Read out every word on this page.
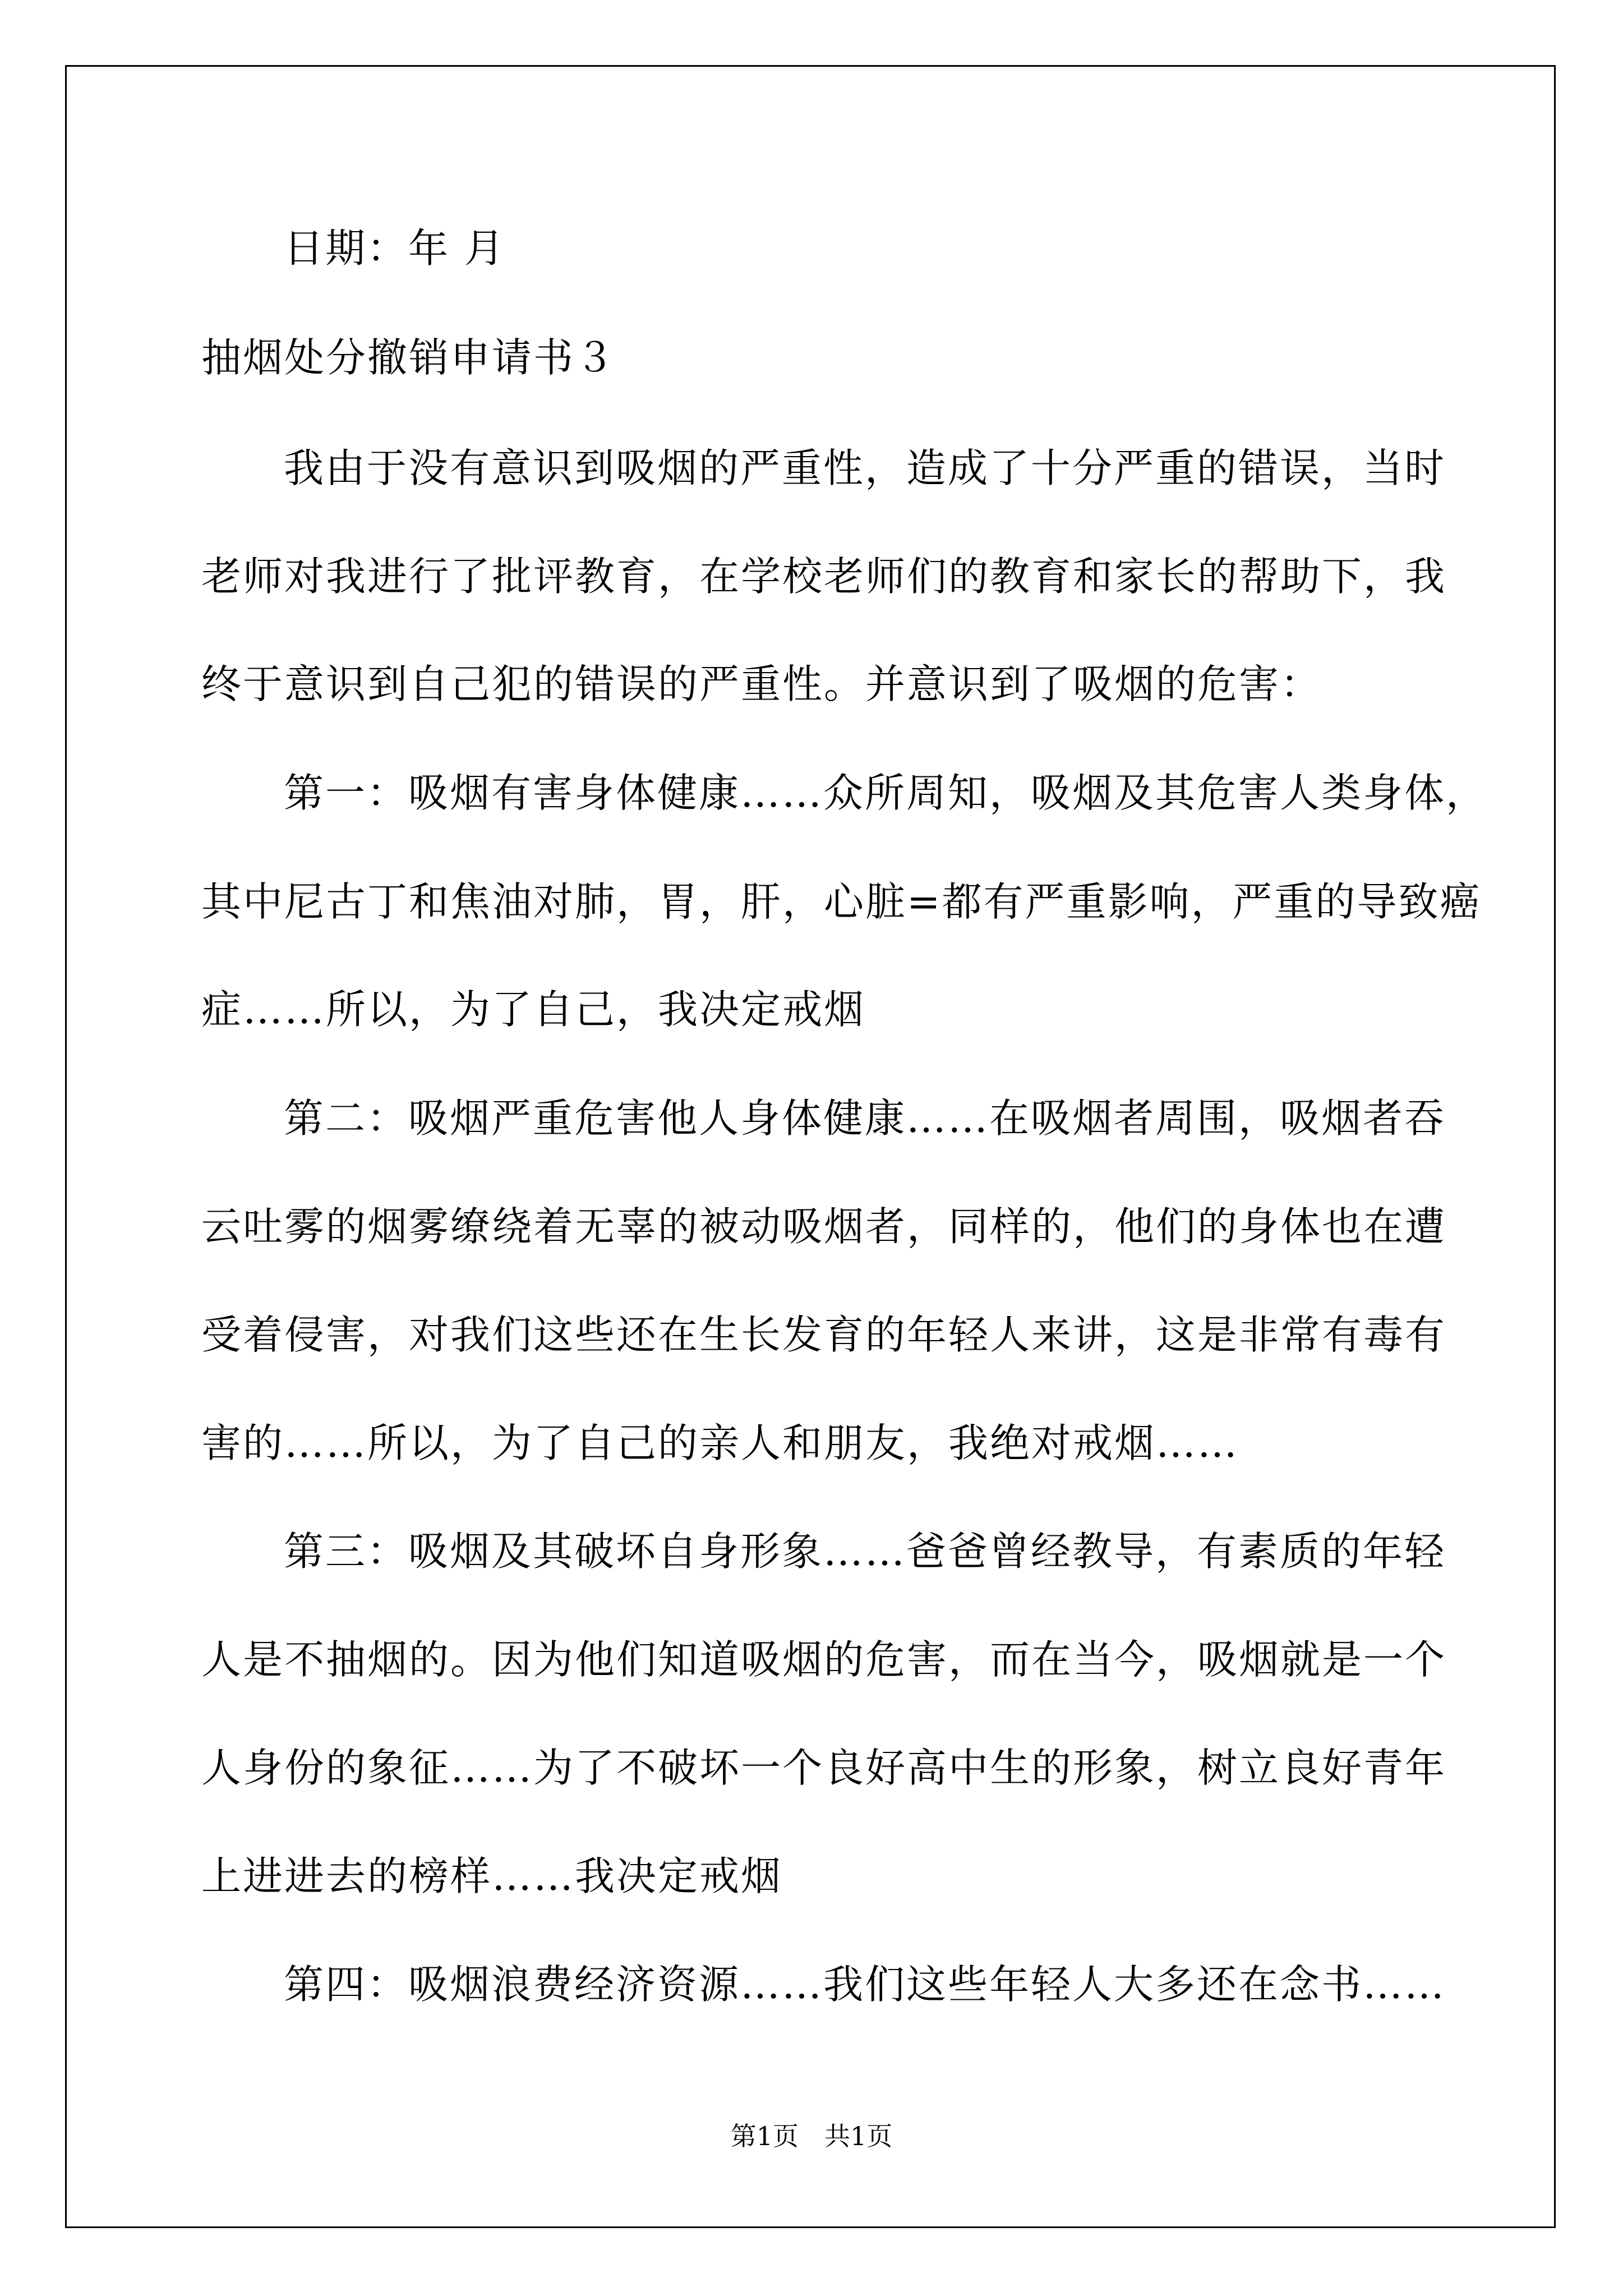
日期：年 月

抽烟处分撤销申请书３

我由于没有意识到吸烟的严重性，造成了十分严重的错误，当时

老师对我进行了批评教育，在学校老师们的教育和家长的帮助下，我

终于意识到自己犯的错误的严重性。并意识到了吸烟的危害：

第一：吸烟有害身体健康……众所周知，吸烟及其危害人类身体，

其中尼古丁和焦油对肺，胃，肝，心脏=都有严重影响，严重的导致癌

症……所以，为了自己，我决定戒烟

第二：吸烟严重危害他人身体健康……在吸烟者周围，吸烟者吞

云吐雾的烟雾缭绕着无辜的被动吸烟者，同样的，他们的身体也在遭

受着侵害，对我们这些还在生长发育的年轻人来讲，这是非常有毒有

害的……所以，为了自己的亲人和朋友，我绝对戒烟……

第三：吸烟及其破坏自身形象……爸爸曾经教导，有素质的年轻

人是不抽烟的。因为他们知道吸烟的危害，而在当今，吸烟就是一个

人身份的象征……为了不破坏一个良好高中生的形象，树立良好青年

上进进去的榜样……我决定戒烟

第四：吸烟浪费经济资源……我们这些年轻人大多还在念书……

第1页　共1页
